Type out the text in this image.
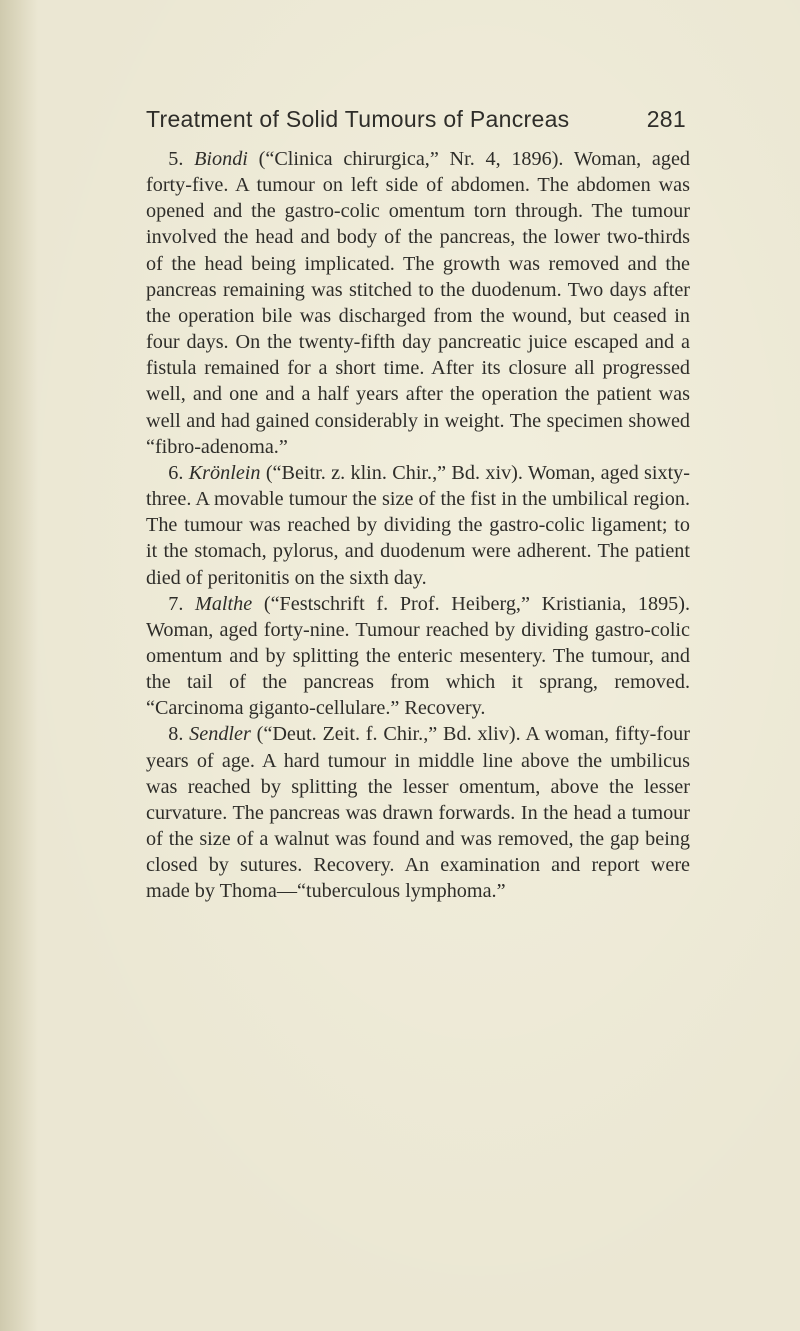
Treatment of Solid Tumours of Pancreas	281

5. Biondi (“Clinica chirurgica,” Nr. 4, 1896). Woman, aged forty-five. A tumour on left side of abdomen. The abdomen was opened and the gastro-colic omentum torn through. The tumour involved the head and body of the pancreas, the lower two-thirds of the head being implicated. The growth was removed and the pancreas remaining was stitched to the duodenum. Two days after the operation bile was discharged from the wound, but ceased in four days. On the twenty-fifth day pancreatic juice escaped and a fistula remained for a short time. After its closure all progressed well, and one and a half years after the operation the patient was well and had gained considerably in weight. The specimen showed “fibro-adenoma.”

6. Krönlein (“Beitr. z. klin. Chir.,” Bd. xiv). Woman, aged sixty-three. A movable tumour the size of the fist in the umbilical region. The tumour was reached by dividing the gastro-colic ligament; to it the stomach, pylorus, and duodenum were adherent. The patient died of peritonitis on the sixth day.

7. Malthe (“Festschrift f. Prof. Heiberg,” Kristiania, 1895). Woman, aged forty-nine. Tumour reached by dividing gastro-colic omentum and by splitting the enteric mesentery. The tumour, and the tail of the pancreas from which it sprang, removed. “Carcinoma giganto-cellulare.” Recovery.

8. Sendler (“Deut. Zeit. f. Chir.,” Bd. xliv). A woman, fifty-four years of age. A hard tumour in middle line above the umbilicus was reached by splitting the lesser omentum, above the lesser curvature. The pancreas was drawn forwards. In the head a tumour of the size of a walnut was found and was removed, the gap being closed by sutures. Recovery. An examination and report were made by Thoma—“tuberculous lymphoma.”
